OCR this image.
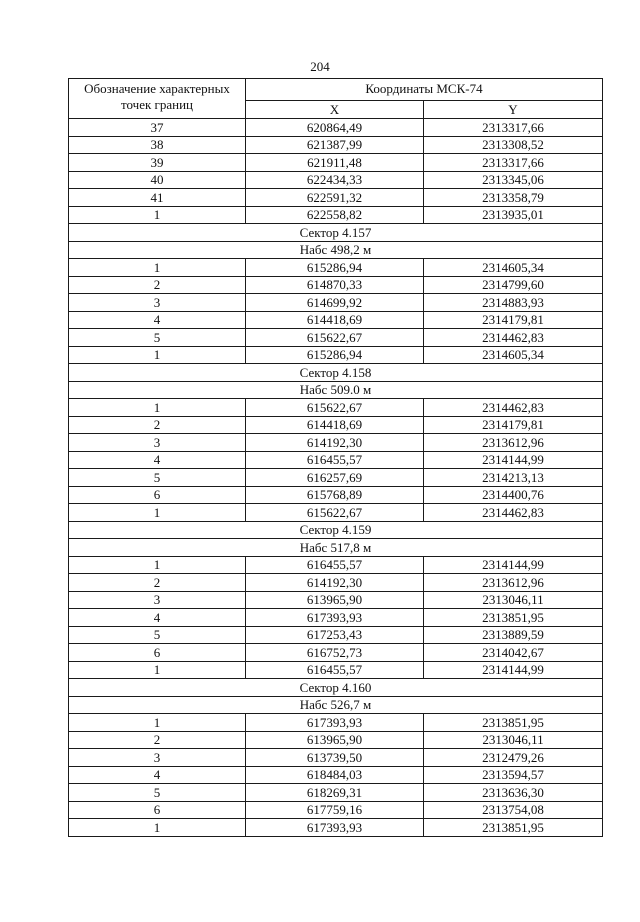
204
Обозначение характерных точек границ	Координаты МСК-74	
	X	Y
37	620864,49	2313317,66
38	621387,99	2313308,52
39	621911,48	2313317,66
40	622434,33	2313345,06
41	622591,32	2313358,79
1	622558,82	2313935,01
Сектор 4.157		
Набс 498,2 м		
1	615286,94	2314605,34
2	614870,33	2314799,60
3	614699,92	2314883,93
4	614418,69	2314179,81
5	615622,67	2314462,83
1	615286,94	2314605,34
Сектор 4.158		
Набс 509.0 м		
1	615622,67	2314462,83
2	614418,69	2314179,81
3	614192,30	2313612,96
4	616455,57	2314144,99
5	616257,69	2314213,13
6	615768,89	2314400,76
1	615622,67	2314462,83
Сектор 4.159		
Набс 517,8 м		
1	616455,57	2314144,99
2	614192,30	2313612,96
3	613965,90	2313046,11
4	617393,93	2313851,95
5	617253,43	2313889,59
6	616752,73	2314042,67
1	616455,57	2314144,99
Сектор 4.160		
Набс 526,7 м		
1	617393,93	2313851,95
2	613965,90	2313046,11
3	613739,50	2312479,26
4	618484,03	2313594,57
5	618269,31	2313636,30
6	617759,16	2313754,08
1	617393,93	2313851,95
